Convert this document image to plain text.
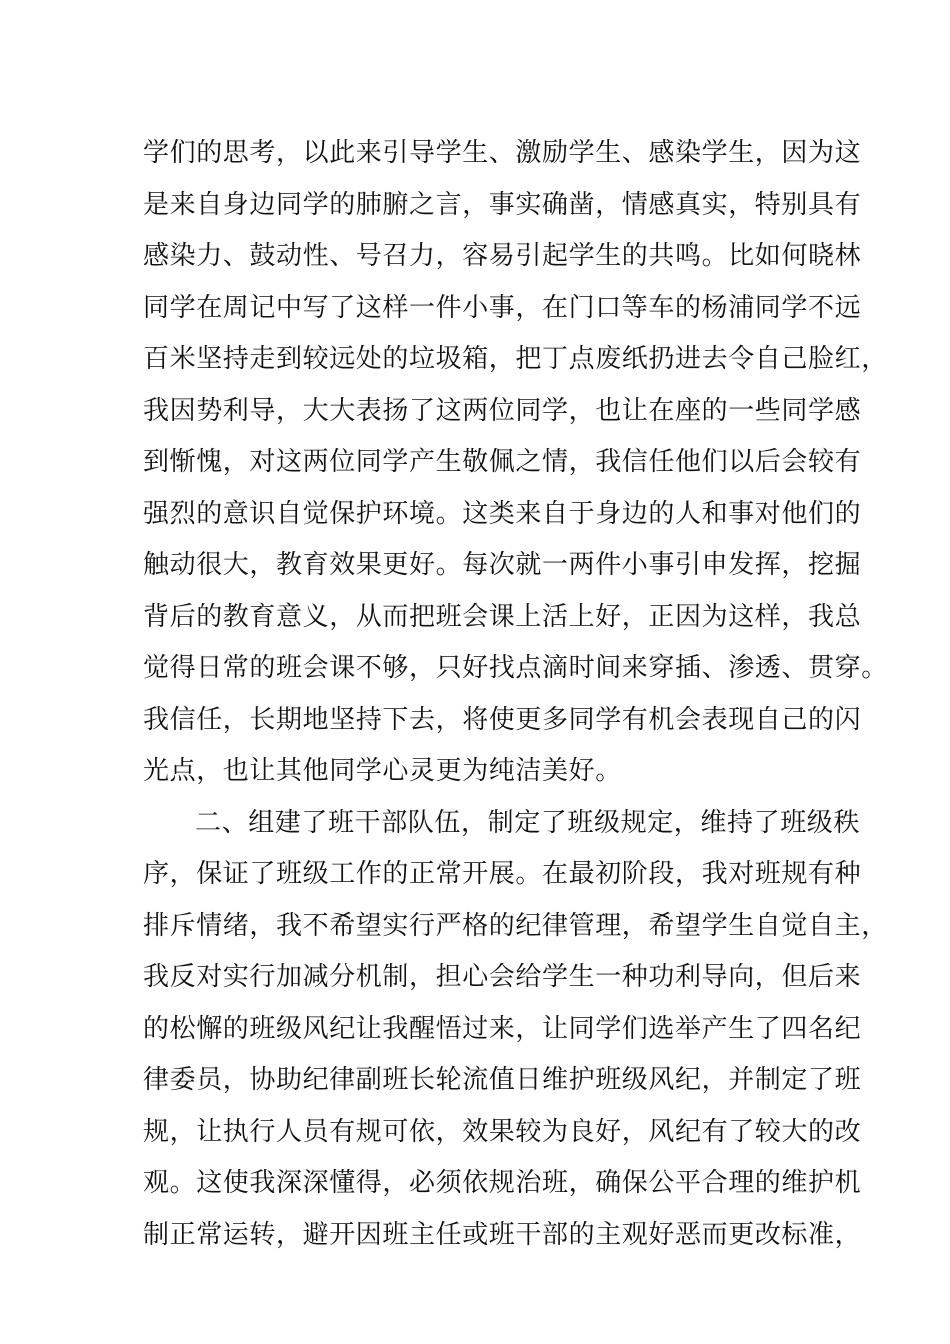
学们的思考，以此来引导学生、激励学生、感染学生，因为这
是来自身边同学的肺腑之言，事实确凿，情感真实，特别具有
感染力、鼓动性、号召力，容易引起学生的共鸣。比如何晓林
同学在周记中写了这样一件小事，在门口等车的杨浦同学不远
百米坚持走到较远处的垃圾箱，把丁点废纸扔进去令自己脸红，
我因势利导，大大表扬了这两位同学，也让在座的一些同学感
到惭愧，对这两位同学产生敬佩之情，我信任他们以后会较有
强烈的意识自觉保护环境。这类来自于身边的人和事对他们的
触动很大，教育效果更好。每次就一两件小事引申发挥，挖掘
背后的教育意义，从而把班会课上活上好，正因为这样，我总
觉得日常的班会课不够，只好找点滴时间来穿插、渗透、贯穿。
我信任，长期地坚持下去，将使更多同学有机会表现自己的闪
光点，也让其他同学心灵更为纯洁美好。
二、组建了班干部队伍，制定了班级规定，维持了班级秩
序，保证了班级工作的正常开展。在最初阶段，我对班规有种
排斥情绪，我不希望实行严格的纪律管理，希望学生自觉自主，
我反对实行加减分机制，担心会给学生一种功利导向，但后来
的松懈的班级风纪让我醒悟过来，让同学们选举产生了四名纪
律委员，协助纪律副班长轮流值日维护班级风纪，并制定了班
规，让执行人员有规可依，效果较为良好，风纪有了较大的改
观。这使我深深懂得，必须依规治班，确保公平合理的维护机
制正常运转，避开因班主任或班干部的主观好恶而更改标准，
